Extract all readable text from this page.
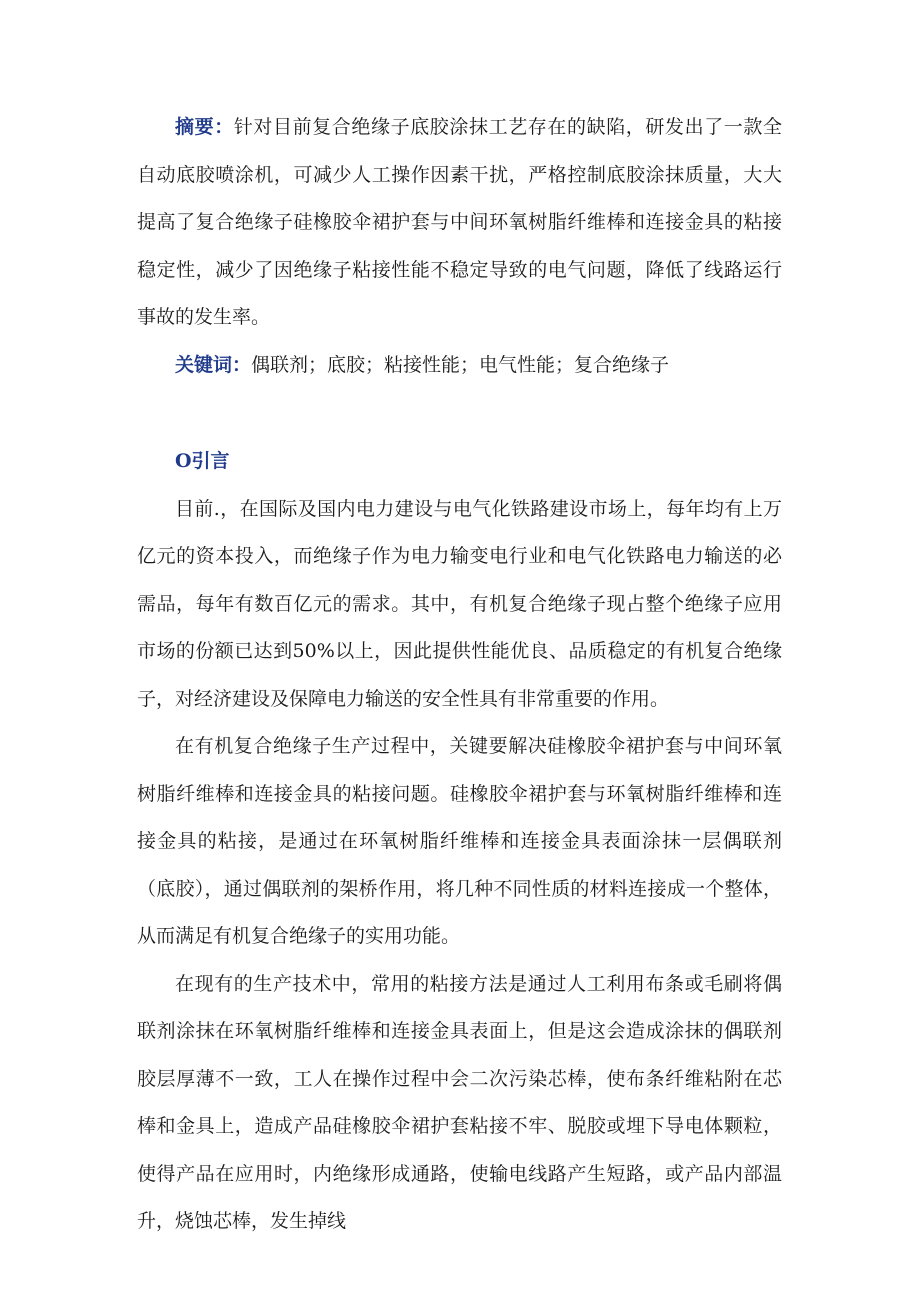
摘要：针对目前复合绝缘子底胶涂抹工艺存在的缺陷，研发出了一款全自动底胶喷涂机，可减少人工操作因素干扰，严格控制底胶涂抹质量，大大提高了复合绝缘子硅橡胶伞裙护套与中间环氧树脂纤维棒和连接金具的粘接稳定性，减少了因绝缘子粘接性能不稳定导致的电气问题，降低了线路运行事故的发生率。

关键词：偶联剂；底胶；粘接性能；电气性能；复合绝缘子

O引言

目前.，在国际及国内电力建设与电气化铁路建设市场上，每年均有上万亿元的资本投入，而绝缘子作为电力输变电行业和电气化铁路电力输送的必需品，每年有数百亿元的需求。其中，有机复合绝缘子现占整个绝缘子应用市场的份额已达到50%以上，因此提供性能优良、品质稳定的有机复合绝缘子，对经济建设及保障电力输送的安全性具有非常重要的作用。

在有机复合绝缘子生产过程中，关键要解决硅橡胶伞裙护套与中间环氧树脂纤维棒和连接金具的粘接问题。硅橡胶伞裙护套与环氧树脂纤维棒和连接金具的粘接，是通过在环氧树脂纤维棒和连接金具表面涂抹一层偶联剂（底胶），通过偶联剂的架桥作用，将几种不同性质的材料连接成一个整体，从而满足有机复合绝缘子的实用功能。

在现有的生产技术中，常用的粘接方法是通过人工利用布条或毛刷将偶联剂涂抹在环氧树脂纤维棒和连接金具表面上，但是这会造成涂抹的偶联剂胶层厚薄不一致，工人在操作过程中会二次污染芯棒，使布条纤维粘附在芯棒和金具上，造成产品硅橡胶伞裙护套粘接不牢、脱胶或埋下导电体颗粒，使得产品在应用时，内绝缘形成通路，使输电线路产生短路，或产品内部温升，烧蚀芯棒，发生掉线
